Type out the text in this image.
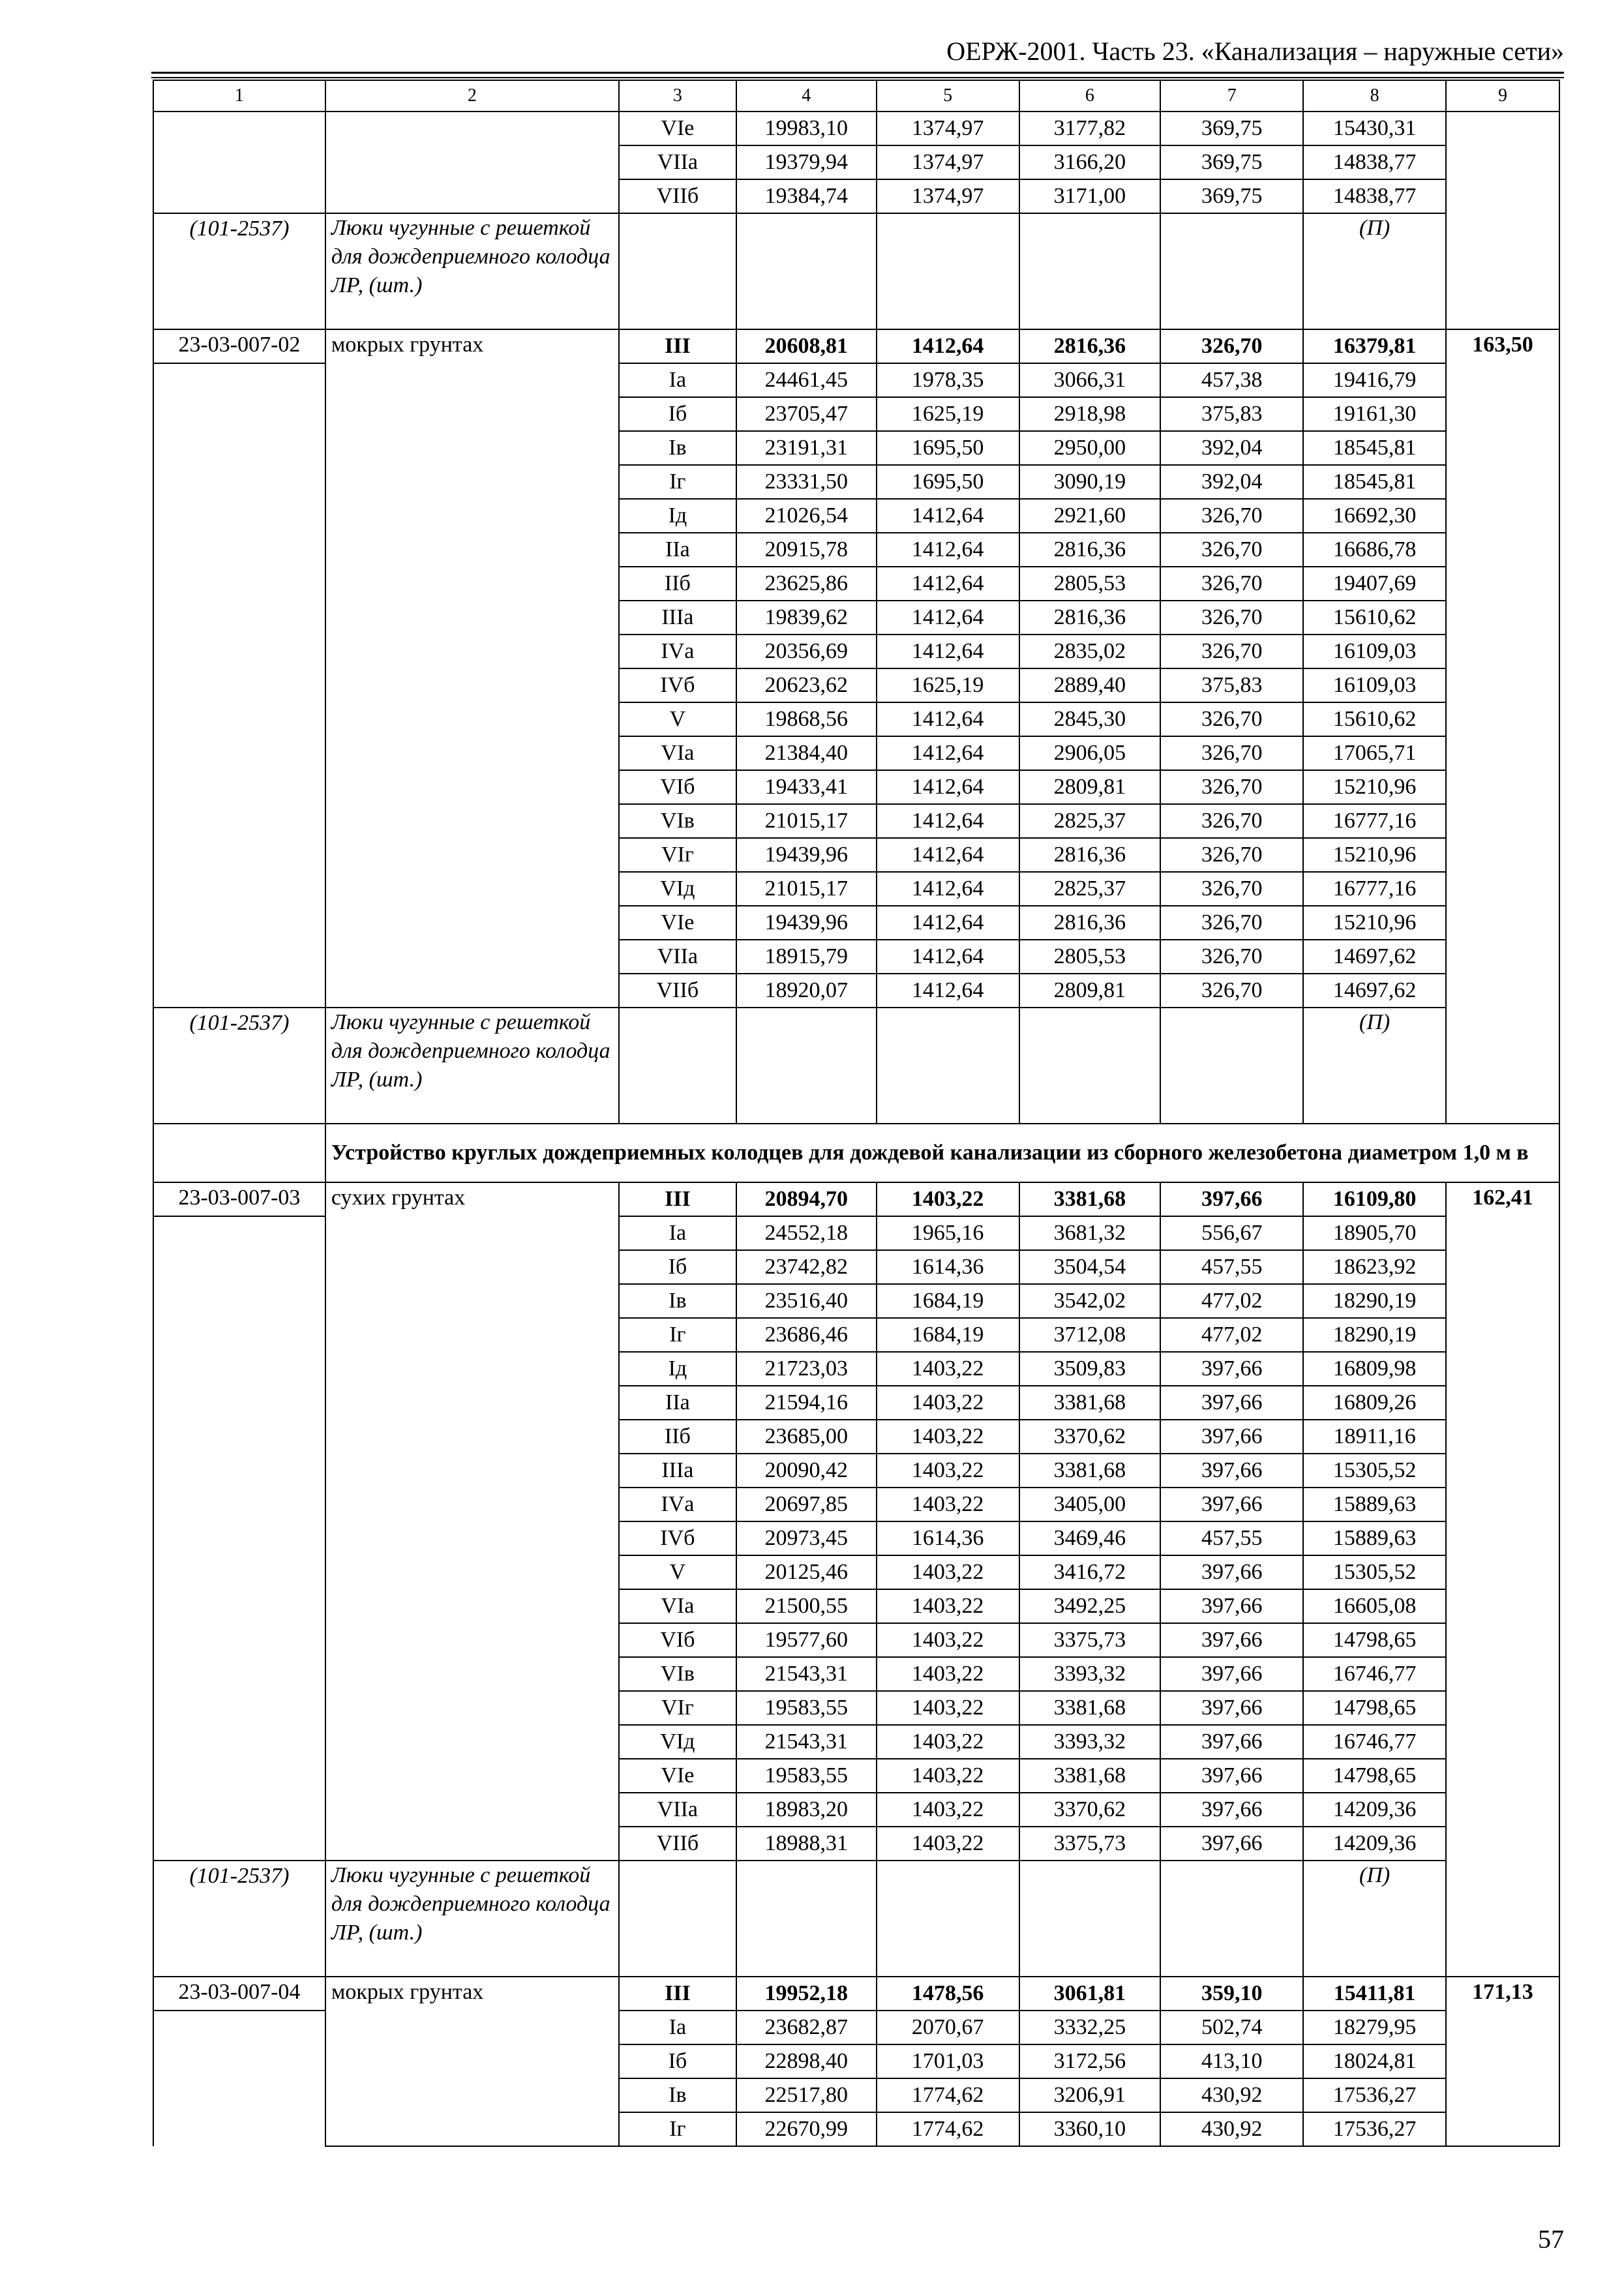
ОЕРЖ-2001. Часть 23. «Канализация – наружные сети»
1	2	3	4	5	6	7	8	9
		VIе	19983,10	1374,97	3177,82	369,75	15430,31	
		VIIа	19379,94	1374,97	3166,20	369,75	14838,77	
		VIIб	19384,74	1374,97	3171,00	369,75	14838,77	
(101-2537)	Люки чугунные с решеткой для дождеприемного колодца ЛР, (шт.)						(П)	
23-03-007-02	мокрых грунтах	III	20608,81	1412,64	2816,36	326,70	16379,81	163,50
		Iа	24461,45	1978,35	3066,31	457,38	19416,79	
		Iб	23705,47	1625,19	2918,98	375,83	19161,30	
		Iв	23191,31	1695,50	2950,00	392,04	18545,81	
		Iг	23331,50	1695,50	3090,19	392,04	18545,81	
		Iд	21026,54	1412,64	2921,60	326,70	16692,30	
		IIа	20915,78	1412,64	2816,36	326,70	16686,78	
		IIб	23625,86	1412,64	2805,53	326,70	19407,69	
		IIIа	19839,62	1412,64	2816,36	326,70	15610,62	
		IVа	20356,69	1412,64	2835,02	326,70	16109,03	
		IVб	20623,62	1625,19	2889,40	375,83	16109,03	
		V	19868,56	1412,64	2845,30	326,70	15610,62	
		VIа	21384,40	1412,64	2906,05	326,70	17065,71	
		VIб	19433,41	1412,64	2809,81	326,70	15210,96	
		VIв	21015,17	1412,64	2825,37	326,70	16777,16	
		VIг	19439,96	1412,64	2816,36	326,70	15210,96	
		VIд	21015,17	1412,64	2825,37	326,70	16777,16	
		VIе	19439,96	1412,64	2816,36	326,70	15210,96	
		VIIа	18915,79	1412,64	2805,53	326,70	14697,62	
		VIIб	18920,07	1412,64	2809,81	326,70	14697,62	
(101-2537)	Люки чугунные с решеткой для дождеприемного колодца ЛР, (шт.)						(П)	
	Устройство круглых дождеприемных колодцев для дождевой канализации из сборного железобетона диаметром 1,0 м в							
23-03-007-03	сухих грунтах	III	20894,70	1403,22	3381,68	397,66	16109,80	162,41
		Iа	24552,18	1965,16	3681,32	556,67	18905,70	
		Iб	23742,82	1614,36	3504,54	457,55	18623,92	
		Iв	23516,40	1684,19	3542,02	477,02	18290,19	
		Iг	23686,46	1684,19	3712,08	477,02	18290,19	
		Iд	21723,03	1403,22	3509,83	397,66	16809,98	
		IIа	21594,16	1403,22	3381,68	397,66	16809,26	
		IIб	23685,00	1403,22	3370,62	397,66	18911,16	
		IIIа	20090,42	1403,22	3381,68	397,66	15305,52	
		IVа	20697,85	1403,22	3405,00	397,66	15889,63	
		IVб	20973,45	1614,36	3469,46	457,55	15889,63	
		V	20125,46	1403,22	3416,72	397,66	15305,52	
		VIа	21500,55	1403,22	3492,25	397,66	16605,08	
		VIб	19577,60	1403,22	3375,73	397,66	14798,65	
		VIв	21543,31	1403,22	3393,32	397,66	16746,77	
		VIг	19583,55	1403,22	3381,68	397,66	14798,65	
		VIд	21543,31	1403,22	3393,32	397,66	16746,77	
		VIе	19583,55	1403,22	3381,68	397,66	14798,65	
		VIIа	18983,20	1403,22	3370,62	397,66	14209,36	
		VIIб	18988,31	1403,22	3375,73	397,66	14209,36	
(101-2537)	Люки чугунные с решеткой для дождеприемного колодца ЛР, (шт.)						(П)	
23-03-007-04	мокрых грунтах	III	19952,18	1478,56	3061,81	359,10	15411,81	171,13
		Iа	23682,87	2070,67	3332,25	502,74	18279,95	
		Iб	22898,40	1701,03	3172,56	413,10	18024,81	
		Iв	22517,80	1774,62	3206,91	430,92	17536,27	
		Iг	22670,99	1774,62	3360,10	430,92	17536,27	
57
